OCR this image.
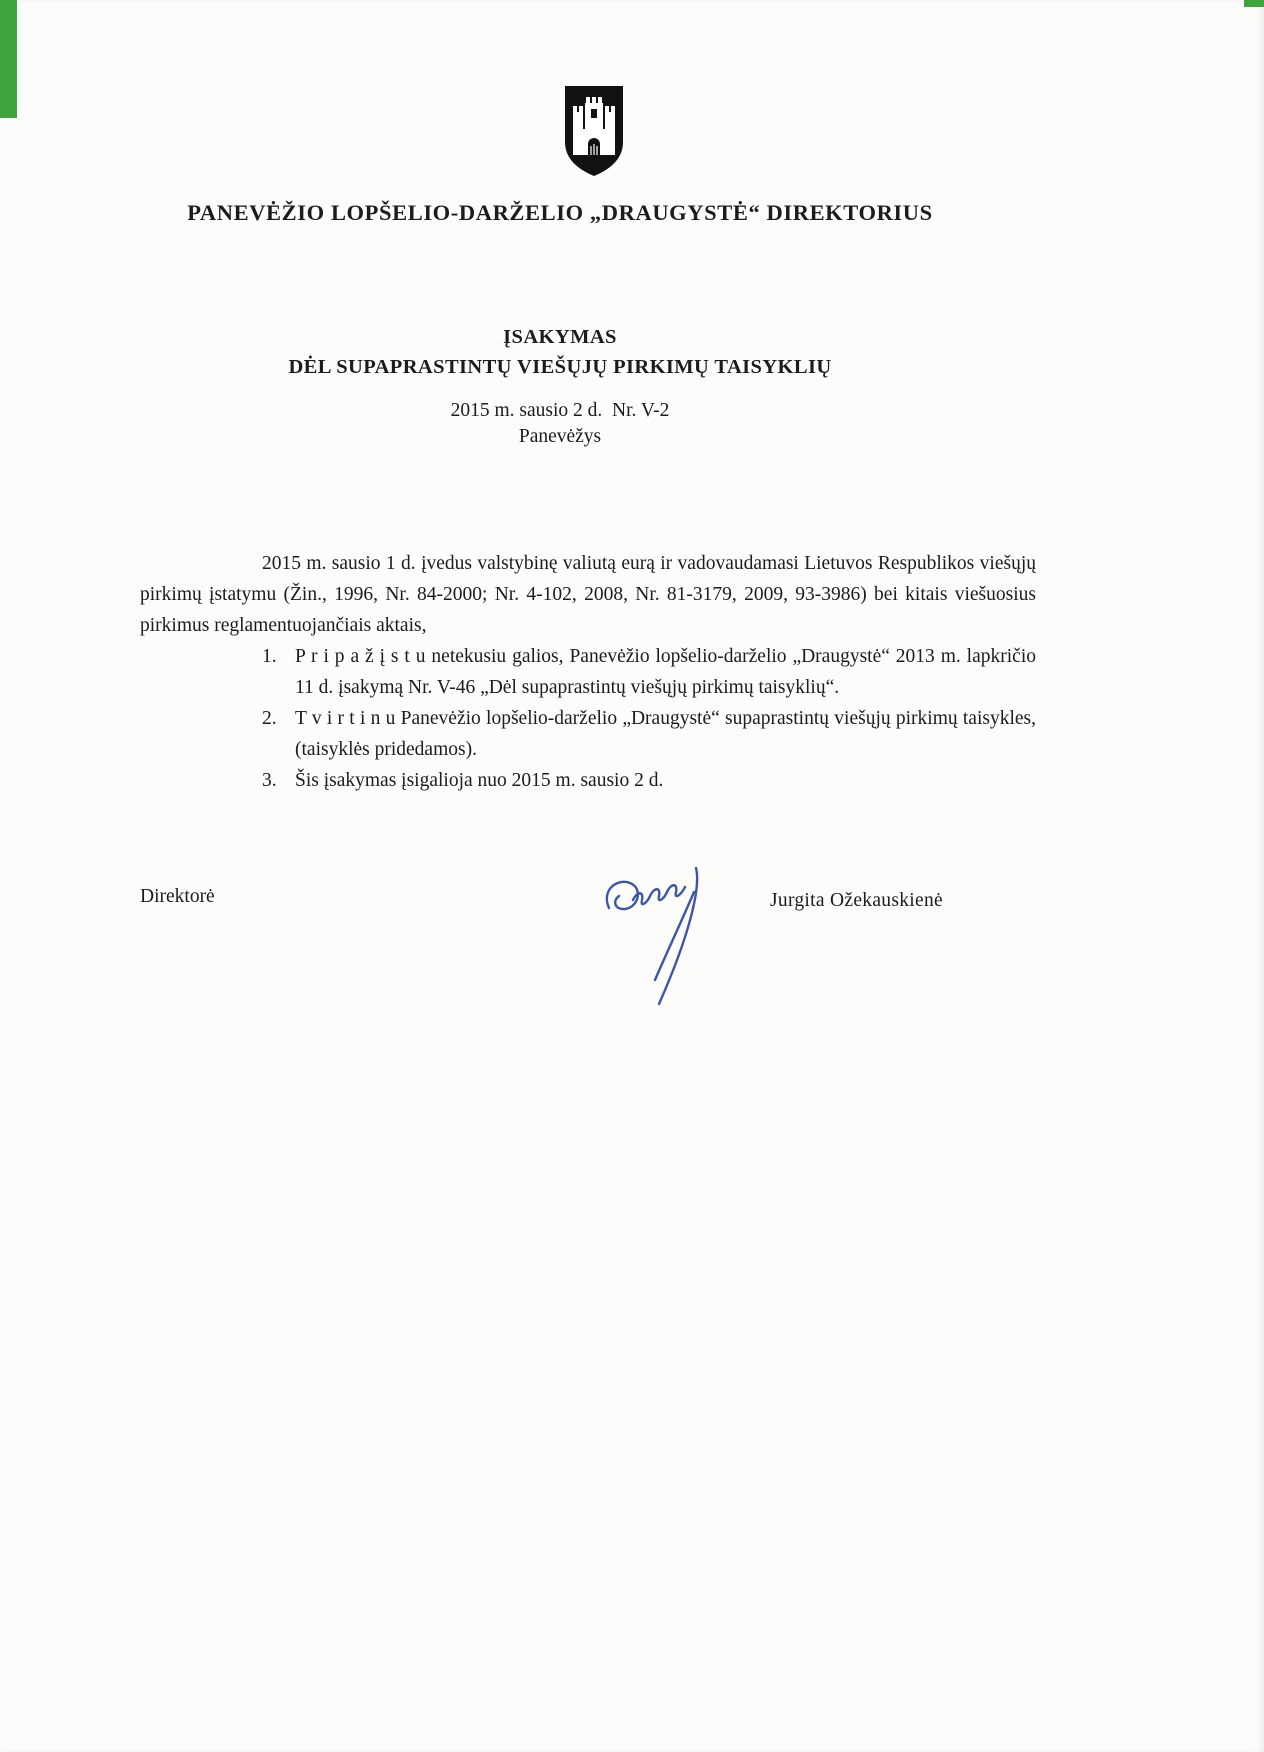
PANEVĖŽIO LOPŠELIO-DARŽELIO „DRAUGYSTĖ“ DIREKTORIUS
ĮSAKYMAS
DĖL SUPAPRASTINTŲ VIEŠŲJŲ PIRKIMŲ TAISYKLIŲ
2015 m. sausio 2 d.  Nr. V-2
Panevėžys

2015 m. sausio 1 d. įvedus valstybinę valiutą eurą ir vadovaudamasi Lietuvos Respublikos viešųjų pirkimų įstatymu (Žin., 1996, Nr. 84-2000; Nr. 4-102, 2008, Nr. 81-3179, 2009, 93-3986) bei kitais viešuosius pirkimus reglamentuojančiais aktais,

1. P r i p a ž į s t u netekusiu galios, Panevėžio lopšelio-darželio „Draugystė“ 2013 m. lapkričio 11 d. įsakymą Nr. V-46 „Dėl supaprastintų viešųjų pirkimų taisyklių“.
2. T v i r t i n u Panevėžio lopšelio-darželio „Draugystė“ supaprastintų viešųjų pirkimų taisykles, (taisyklės pridedamos).
3. Šis įsakymas įsigalioja nuo 2015 m. sausio 2 d.
Direktorė	Jurgita Ožekauskienė
